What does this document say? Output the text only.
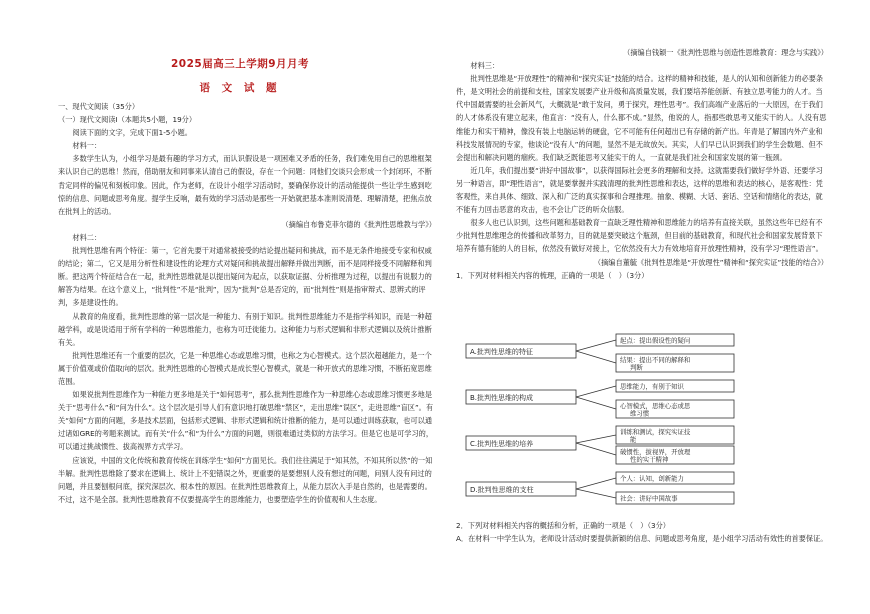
2025届高三上学期9月月考
语 文 试 题

一、现代文阅读（35分）

（一）现代文阅读Ⅰ（本题共5小题，19分）

阅读下面的文字，完成下面1-5小题。

材料一：

多数学生认为，小组学习是最有趣的学习方式，而认识假设是一项困难又矛盾的任务，我们难免用自己的思维框架来认识自己的思维！然而，借助朋友和同事来认清自己的假设，存在一个问题：同他们交谈只会形成一个封闭环，不断肯定同样的偏见和刻板印象。因此，作为老师，在设计小组学习活动时，要确保你设计的活动能提供一些让学生感到吃惊的信息、问题或思考角度。提学生反响，最有效的学习活动是那些一开始就把基本准则说清楚、理解清楚，把焦点放在批判上的活动。

（摘编自布鲁克菲尔德的《批判性思维教与学》）

材料二：

批判性思维有两个特征：第一，它首先要干对通常被接受的结论提出疑问和挑战，而不是无条件地接受专家和权威的结论；第二，它又是用分析性和建设性的论理方式对疑问和挑战提出解释并做出判断，而不是同样接受不同解释和判断。把这两个特征结合在一起，批判性思维就是以提出疑问为起点，以获取证据、分析推理为过程，以提出有说服力的解答为结果。在这个意义上，“批判性”不是“批判”，因为“批判”总是否定的，而“批判性”则是指审辩式、思辨式的评判，多是建设性的。

从教育的角度看，批判性思维的第一层次是一种能力、有别于知识。批判性思维能力不是指学科知识，而是一种超越学科，或是说适用于所有学科的一种思维能力，也称为可迁徙能力。这种能力与形式逻辑和非形式逻辑以及统计推断有关。

批判性思维还有一个重要的层次，它是一种思维心态或思维习惯，也称之为心智模式。这个层次超越能力，是一个属于价值观或价值取向的层次。批判性思维的心智模式是成长型心智模式，就是一种开放式的思维习惯，不断拓宽思维范围。

如果说批判性思维作为一种能力更多地是关于“如何思考”，那么批判性思维作为一种思维心态或思维习惯更多地是关于“思考什么”和“问为什么”。这个层次是引导人们有意识地打破思维“禁区”，走出思维“误区”，走进思维“盲区”。有关“如何”方面的问题，多是技术层面，包括形式逻辑、非形式逻辑和统计推断的能力，是可以通过训练获取，也可以通过诸如GRE的考题来测试。而有关“什么”和“为什么”方面的问题，则很难通过类似的方法学习。但是它也是可学习的，可以通过挑战惯性、拔高视界方式学习。

应该说，中国的文化传统和教育传统在训练学生“如何”方面见长。我们往往满足于“知其然，不知其所以然”的一知半解。批判性思维除了要求在逻辑上、统计上不犯错误之外，更重要的是要想别人没有想过的问题，问别人没有问过的问题，并且要刨根问底，探究深层次、根本性的原因。在批判性思维教育上，从能力层次入手是自然的，也是需要的。不过，这不是全部。批判性思维教育不仅要提高学生的思维能力，也要塑造学生的价值观和人生态度。

（摘编自钱颖一《批判性思维与创造性思维教育：理念与实践》）

材料三：

批判性思维是“开放理性”的精神和“探究实证”技能的结合。这样的精神和技能，是人的认知和创新能力的必要条件，是文明社会的前提和支柱，国家发展要产业升级和高质量发展，我们要培养能创新、有独立思考能力的人才。当代中国最需要的社会新风气，大概就是“敢于发问，勇于探究，理性思考”。我们高端产业落后的一大原因，在于我们的人才体系没有建立起来，他直言：“没有人，什么都不成。”显然，他说的人，指那些敢思考又能实干的人。人没有思维能力和实干精神，像没有装上电脑运转的硬盘，它不可能有任何超出已有存储的新产出。年青是了解国内外产业和科技发展情况的专家，他谈论“没有人”的问题，显然不是无故放矢。其实，人们早已认识到我们的学生会数题、但不会提出和解决问题的痼疾。我们缺乏既能思考又能实干的人，一直就是我们社会和国家发展的第一瓶颈。

近几年，我们提出要“讲好中国故事”，以获得国际社会更多的理解和支持。这就需要我们做好学外语、还要学习另一种语言，即“理性语言”，就是要掌握并实践清理的批判性思维和表达，这样的思维和表达的核心，是客观性：凭客观性，来自具体、细致、深入和广泛的真实探事和合理推理。抽象、模糊、大话、套话、空话和情绪化的表达，就不能有力回击恶意的攻击，也不会让广泛的听众信服。

很多人也已认识到，这些问题和基础教育一直缺乏理性精神和思维能力的培养有直接关联，虽然这些年已经有不少批判性思维理念的传播和改革努力，目的就是要突破这个瓶颈，但目前的基础教育，和现代社会和国家发展背景下培养有德有能的人的目标，依然没有做好对接上，它依然没有大力有效地培育开放理性精神，没有学习“理性语言”。

（摘编自董毓《批判性思维是“开放理性”精神和“探究实证”技能的结合》）

1．下列对材料相关内容的梳理，正确的一项是（　）（3分）

A.批判性思维的特征
起点：提出假设性的疑问
结果：提出不同的解释和
判断
B.批判性思维的构成
思维能力，有别于知识
心智模式，思维心态或思
维习惯
C.批判性思维的培养
训练和测试，探究实证技
能
破惯性，拔视界，开放理
性的实干精神
D.批判性思维的支柱
个人：认知，创新能力
社会：讲好中国故事

2．下列对材料相关内容的概括和分析，正确的一项是（　）（3分）

A．在材料一中学生认为，老师设计活动时要提供新颖的信息、问题或思考角度，是小组学习活动有效性的首要保证。
